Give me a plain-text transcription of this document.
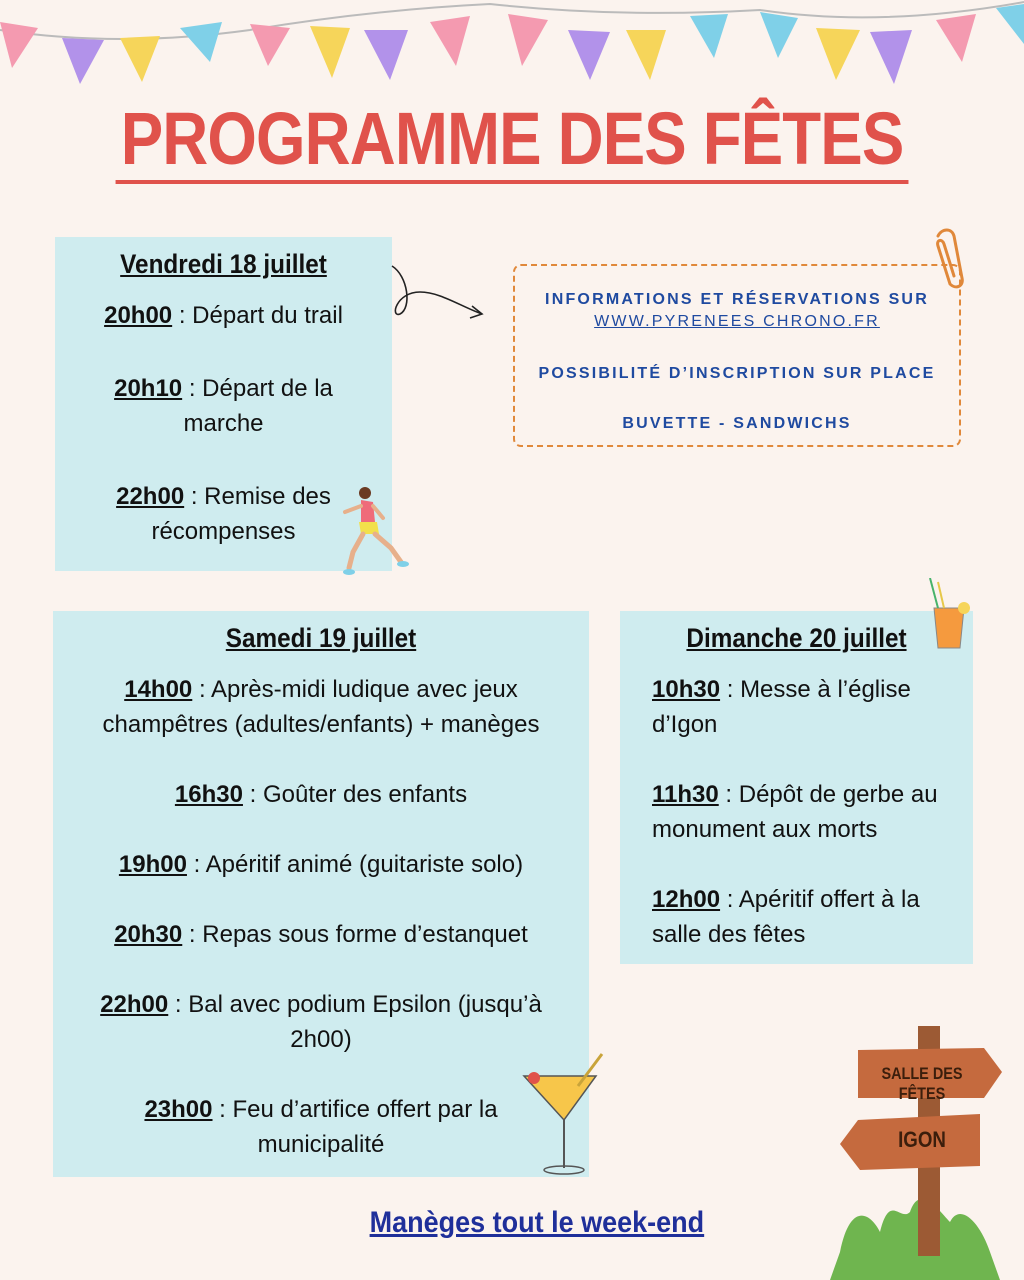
PROGRAMME DES FÊTES

Vendredi 18 juillet

20h00 : Départ du trail

20h10 : Départ de la marche

22h00 : Remise des récompenses

INFORMATIONS ET RÉSERVATIONS SUR

WWW.PYRENEES CHRONO.FR

POSSIBILITÉ D’INSCRIPTION SUR PLACE

BUVETTE - SANDWICHS

Samedi 19 juillet

14h00 : Après-midi ludique avec jeux champêtres (adultes/enfants) + manèges

16h30 : Goûter des enfants

19h00 : Apéritif animé (guitariste solo)

20h30 : Repas sous forme d’estanquet

22h00 : Bal avec podium Epsilon (jusqu’à 2h00)

23h00 : Feu d’artifice offert par la municipalité

Dimanche 20 juillet

10h30 : Messe à l’église d’Igon

11h30 : Dépôt de gerbe au monument aux morts

12h00 : Apéritif offert à la salle des fêtes

SALLE DES FÊTES
IGON
Manèges tout le week-end
